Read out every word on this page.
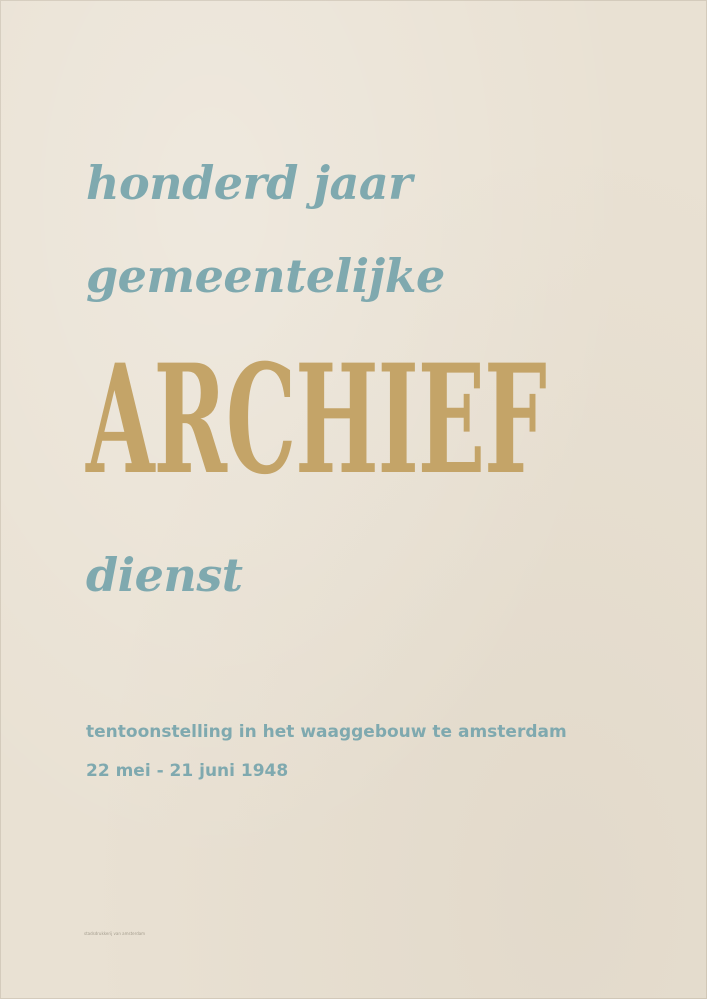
honderd jaar

gemeentelijke

ARCHIEF

dienst

tentoonstelling in het waaggebouw te amsterdam

22 mei - 21 juni 1948

stadsdrukkerij van amsterdam
